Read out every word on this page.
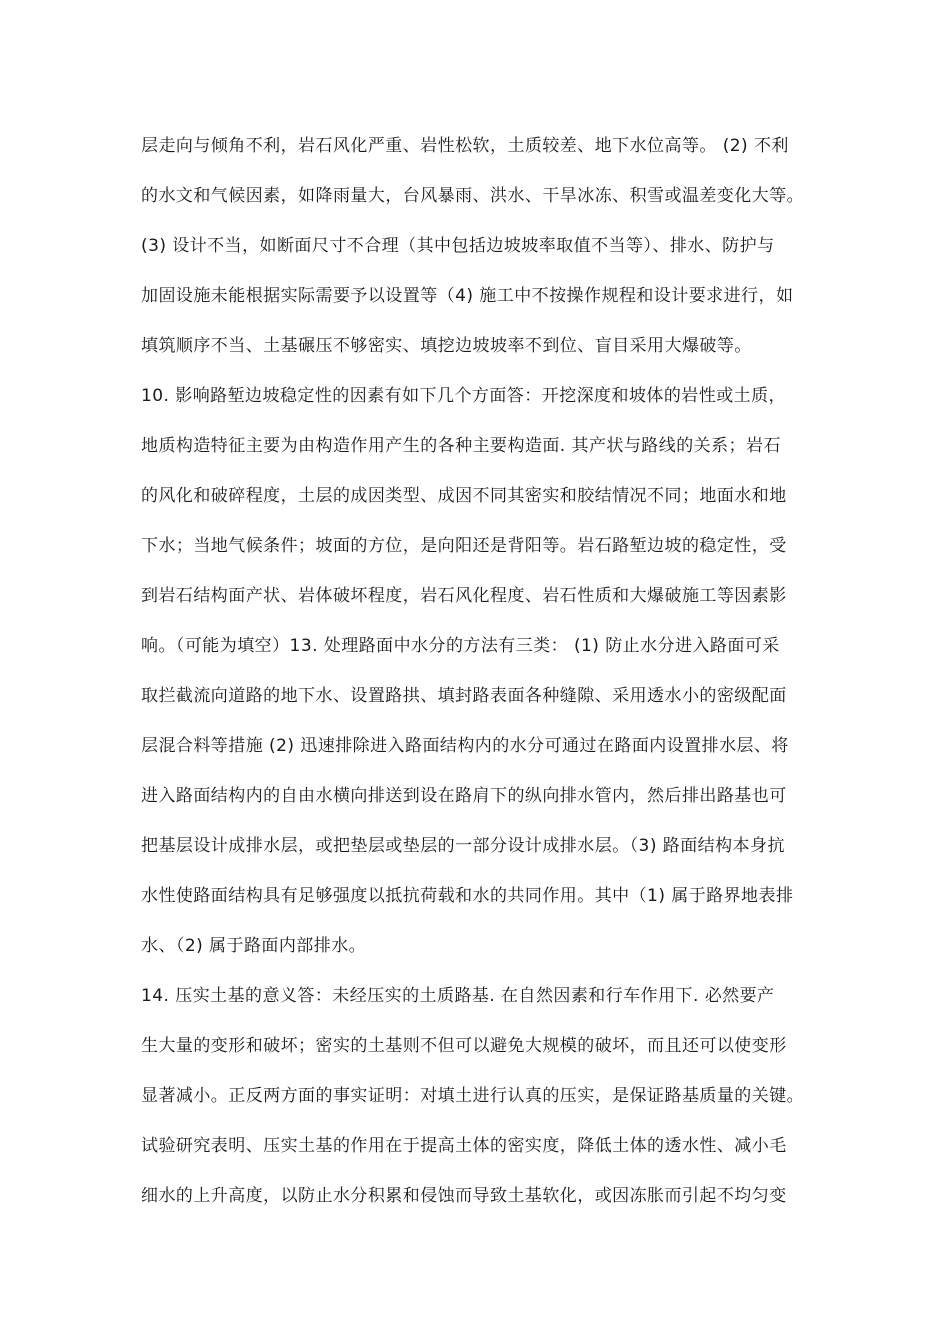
层走向与倾角不利，岩石风化严重、岩性松软，土质较差、地下水位高等。 (2) 不利
的水文和气候因素，如降雨量大，台风暴雨、洪水、干旱冰冻、积雪或温差变化大等。
(3) 设计不当，如断面尺寸不合理（其中包括边坡坡率取值不当等）、排水、防护与
加固设施未能根据实际需要予以设置等（4) 施工中不按操作规程和设计要求进行，如
填筑顺序不当、土基碾压不够密实、填挖边坡坡率不到位、盲目采用大爆破等。
10. 影响路堑边坡稳定性的因素有如下几个方面答：开挖深度和坡体的岩性或土质，
地质构造特征主要为由构造作用产生的各种主要构造面. 其产状与路线的关系；岩石
的风化和破碎程度，土层的成因类型、成因不同其密实和胶结情况不同；地面水和地
下水；当地气候条件；坡面的方位，是向阳还是背阳等。岩石路堑边坡的稳定性，受
到岩石结构面产状、岩体破坏程度，岩石风化程度、岩石性质和大爆破施工等因素影
响。（可能为填空）13. 处理路面中水分的方法有三类： (1) 防止水分进入路面可采
取拦截流向道路的地下水、设置路拱、填封路表面各种缝隙、采用透水小的密级配面
层混合料等措施 (2) 迅速排除进入路面结构内的水分可通过在路面内设置排水层、将
进入路面结构内的自由水横向排送到设在路肩下的纵向排水管内，然后排出路基也可
把基层设计成排水层，或把垫层或垫层的一部分设计成排水层。（3) 路面结构本身抗
水性使路面结构具有足够强度以抵抗荷载和水的共同作用。其中（1) 属于路界地表排
水、（2) 属于路面内部排水。
14. 压实土基的意义答：未经压实的土质路基. 在自然因素和行车作用下. 必然要产
生大量的变形和破坏；密实的土基则不但可以避免大规模的破坏，而且还可以使变形
显著减小。正反两方面的事实证明：对填土进行认真的压实，是保证路基质量的关键。
试验研究表明、压实土基的作用在于提高土体的密实度，降低土体的透水性、减小毛
细水的上升高度，以防止水分积累和侵蚀而导致土基软化，或因冻胀而引起不均匀变
